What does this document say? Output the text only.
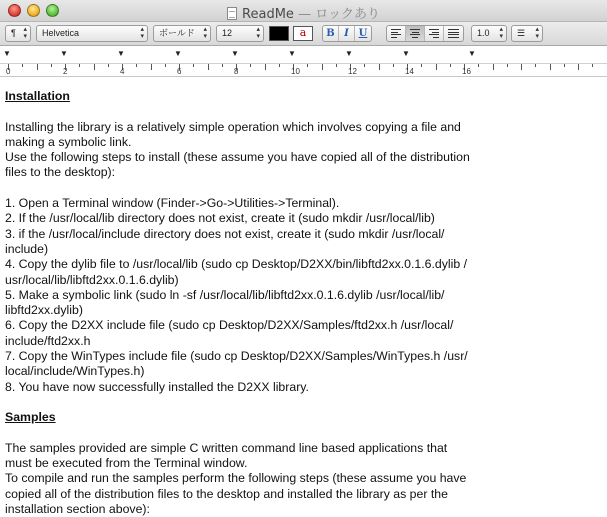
ReadMe — ロックあり
¶ ▴
▾	Helvetica	▴
▾	ボールド ▴
▾	12	▴
▾	a	B I U	1.0 ▴
▾	☰ ▴
▾
▼	▼	▼	▼	▼	▼	▼	▼	▼
0	2	4	6	8	10	12	14	16

Installation

Installing the library is a relatively simple operation which involves copying a file and making a symbolic link.

Use the following steps to install (these assume you have copied all of the distribution files to the desktop):

1. Open a Terminal window (Finder->Go->Utilities->Terminal).

2. If the /usr/local/lib directory does not exist, create it (sudo mkdir /usr/local/lib)

3. if the /usr/local/include directory does not exist, create it (sudo mkdir /usr/local/ include)

4. Copy the dylib file to /usr/local/lib (sudo cp Desktop/D2XX/bin/libftd2xx.0.1.6.dylib / usr/local/lib/libftd2xx.0.1.6.dylib)

5. Make a symbolic link (sudo ln -sf /usr/local/lib/libftd2xx.0.1.6.dylib /usr/local/lib/ libftd2xx.dylib)

6. Copy the D2XX include file (sudo cp Desktop/D2XX/Samples/ftd2xx.h /usr/local/ include/ftd2xx.h

7. Copy the WinTypes include file (sudo cp Desktop/D2XX/Samples/WinTypes.h /usr/ local/include/WinTypes.h)

8. You have now successfully installed the D2XX library.

Samples

The samples provided are simple C written command line based applications that must be executed from the Terminal window.

To compile and run the samples perform the following steps (these assume you have copied all of the distribution files to the desktop and installed the library as per the installation section above):
